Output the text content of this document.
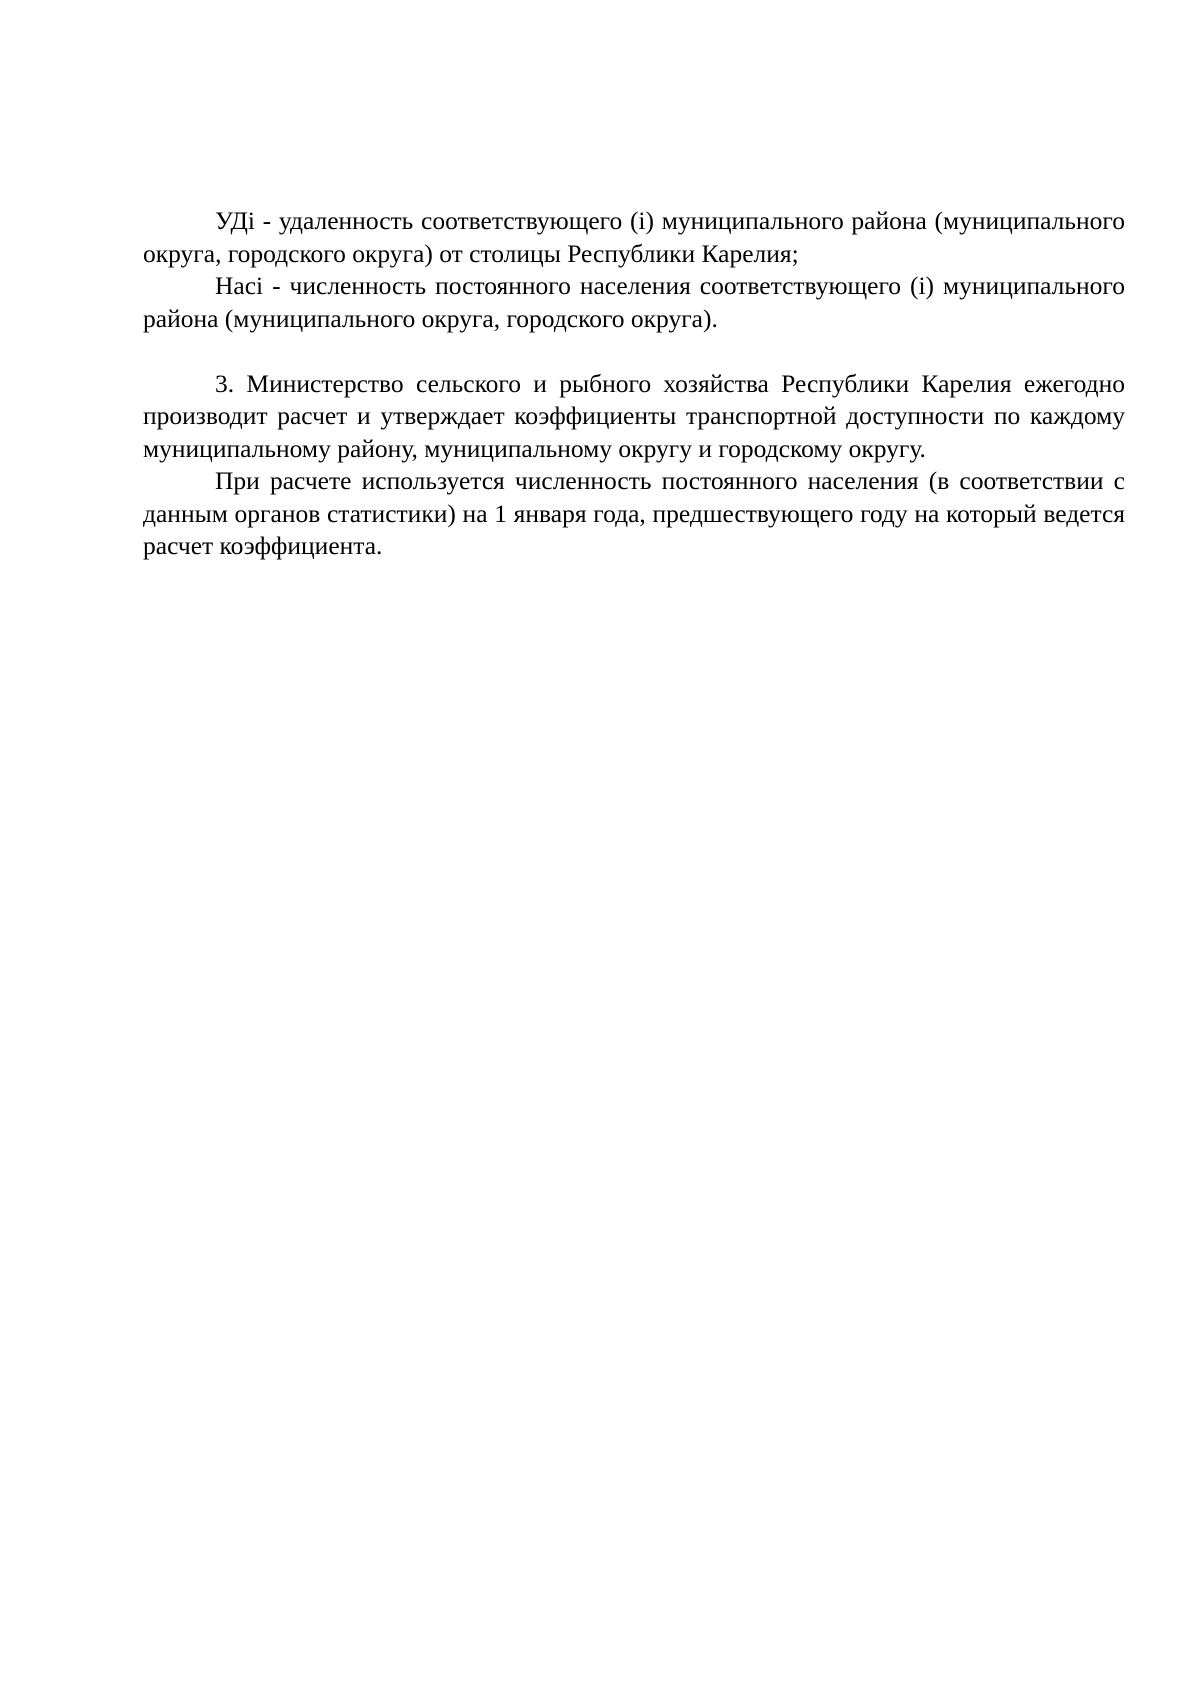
УДi - удаленность соответствующего (i) муниципального района (муниципального округа, городского округа) от столицы Республики Карелия;

Насi - численность постоянного населения соответствующего (i) муниципального района (муниципального округа, городского округа).

3. Министерство сельского и рыбного хозяйства Республики Карелия ежегодно производит расчет и утверждает коэффициенты транспортной доступности по каждому муниципальному району, муниципальному округу и городскому округу.

При расчете используется численность постоянного населения (в соответствии с данным органов статистики) на 1 января года, предшествующего году на который ведется расчет коэффициента.
